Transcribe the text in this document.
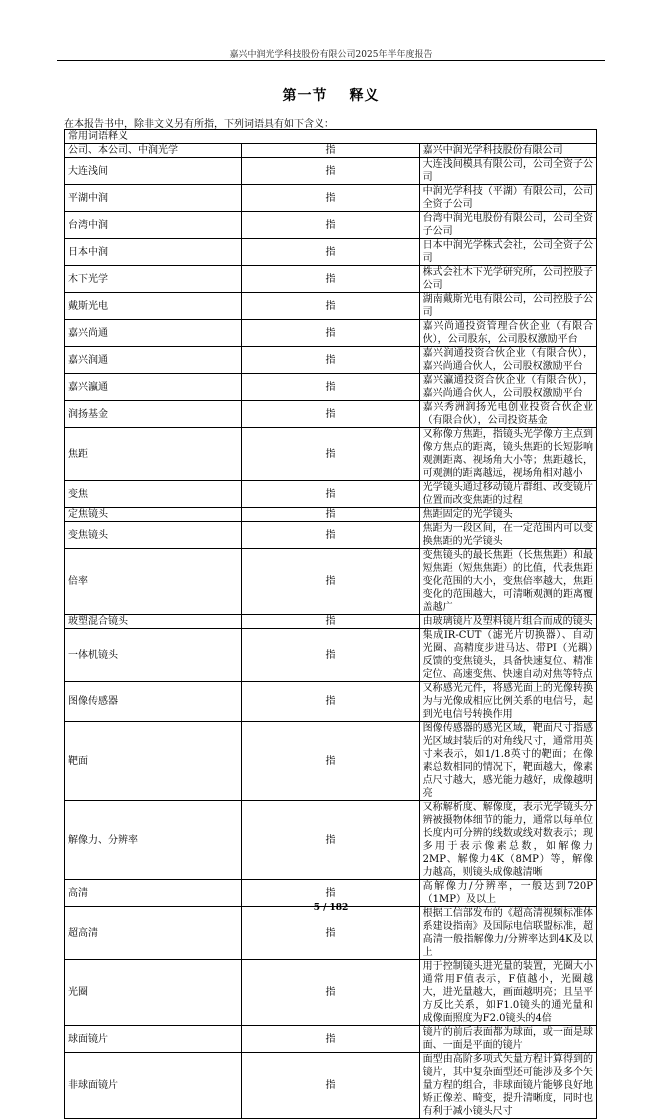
嘉兴中润光学科技股份有限公司2025年半年度报告
第一节 释义
在本报告书中，除非文义另有所指，下列词语具有如下含义：
常用词语释义		
公司、本公司、中润光学	指	嘉兴中润光学科技股份有限公司
大连浅间	指	大连浅间模具有限公司，公司全资子公司
平湖中润	指	中润光学科技（平湖）有限公司，公司全资子公司
台湾中润	指	台湾中润光电股份有限公司，公司全资子公司
日本中润	指	日本中润光学株式会社，公司全资子公司
木下光学	指	株式会社木下光学研究所，公司控股子公司
戴斯光电	指	湖南戴斯光电有限公司，公司控股子公司
嘉兴尚通	指	嘉兴尚通投资管理合伙企业（有限合伙），公司股东，公司股权激励平台
嘉兴润通	指	嘉兴润通投资合伙企业（有限合伙），嘉兴尚通合伙人，公司股权激励平台
嘉兴瀛通	指	嘉兴瀛通投资合伙企业（有限合伙），嘉兴尚通合伙人，公司股权激励平台
润扬基金	指	嘉兴秀洲润扬光电创业投资合伙企业（有限合伙），公司投资基金
焦距	指	又称像方焦距，指镜头光学像方主点到像方焦点的距离，镜头焦距的长短影响观测距离、视场角大小等；焦距越长，可观测的距离越远，视场角相对越小
变焦	指	光学镜头通过移动镜片群组、改变镜片位置而改变焦距的过程
定焦镜头	指	焦距固定的光学镜头
变焦镜头	指	焦距为一段区间，在一定范围内可以变换焦距的光学镜头
倍率	指	变焦镜头的最长焦距（长焦焦距）和最短焦距（短焦焦距）的比值，代表焦距变化范围的大小，变焦倍率越大，焦距变化的范围越大，可清晰观测的距离覆盖越广
玻塑混合镜头	指	由玻璃镜片及塑料镜片组合而成的镜头
一体机镜头	指	集成IR-CUT（滤光片切换器）、自动光圈、高精度步进马达、带PI（光耦）反馈的变焦镜头，具备快速复位、精准定位、高速变焦、快速自动对焦等特点
图像传感器	指	又称感光元件，将感光面上的光像转换为与光像成相应比例关系的电信号，起到光电信号转换作用
靶面	指	图像传感器的感光区域，靶面尺寸指感光区域封装后的对角线尺寸，通常用英寸来表示，如1/1.8英寸的靶面；在像素总数相同的情况下，靶面越大，像素点尺寸越大，感光能力越好，成像越明亮
解像力、分辨率	指	又称解析度、解像度，表示光学镜头分辨被摄物体细节的能力，通常以每单位长度内可分辨的线数或线对数表示；现多用于表示像素总数，如解像力2MP、解像力4K（8MP）等，解像力越高，则镜头成像越清晰
高清	指	高解像力/分辨率，一般达到720P（1MP）及以上
超高清	指	根据工信部发布的《超高清视频标准体系建设指南》及国际电信联盟标准，超高清一般指解像力/分辨率达到4K及以上
光圈	指	用于控制镜头进光量的装置，光圈大小通常用F值表示，F值越小，光圈越大，进光量越大，画面越明亮；且呈平方反比关系，如F1.0镜头的通光量和成像面照度为F2.0镜头的4倍
球面镜片	指	镜片的前后表面都为球面，或一面是球面、一面是平面的镜片
非球面镜片	指	面型由高阶多项式矢量方程计算得到的镜片，其中复杂面型还可能涉及多个矢量方程的组合，非球面镜片能够良好地矫正像差、畸变，提升清晰度，同时也有利于减小镜头尺寸
5 / 182
